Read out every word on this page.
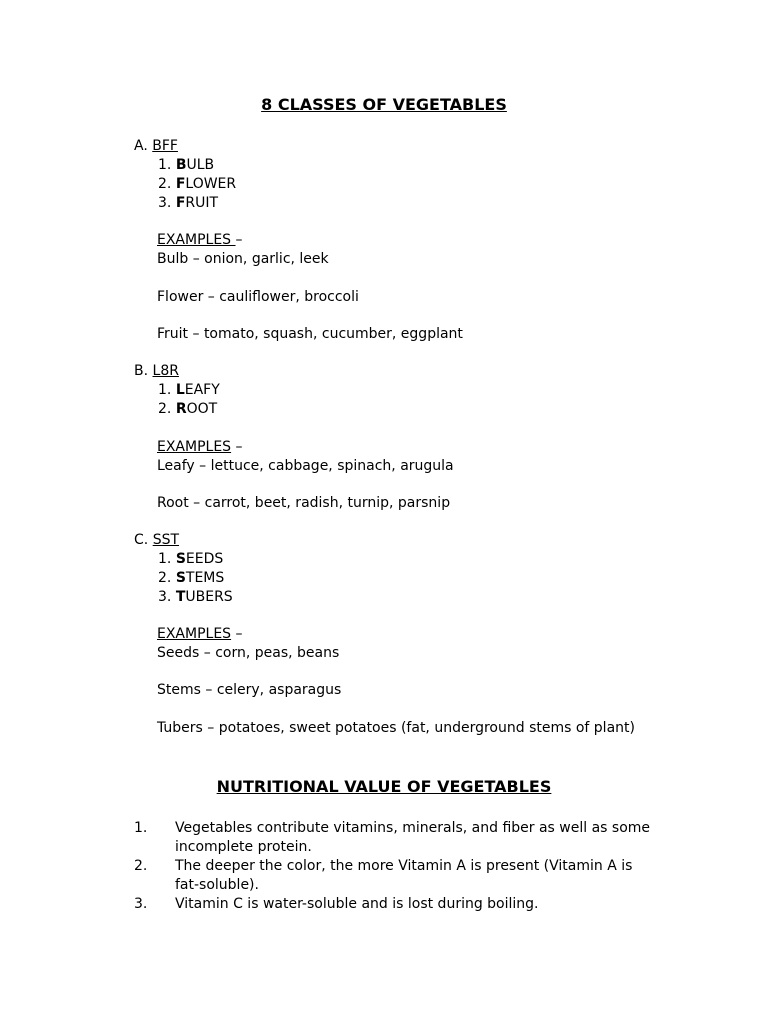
8 CLASSES OF VEGETABLES
A. BFF
1. BULB
2. FLOWER
3. FRUIT
EXAMPLES –
Bulb – onion, garlic, leek
Flower – cauliflower, broccoli
Fruit – tomato, squash, cucumber, eggplant
B. L8R
1. LEAFY
2. ROOT
EXAMPLES –
Leafy – lettuce, cabbage, spinach, arugula
Root – carrot, beet, radish, turnip, parsnip
C. SST
1. SEEDS
2. STEMS
3. TUBERS
EXAMPLES –
Seeds – corn, peas, beans
Stems – celery, asparagus
Tubers – potatoes, sweet potatoes (fat, underground stems of plant)
NUTRITIONAL VALUE OF VEGETABLES
1.	Vegetables contribute vitamins, minerals, and fiber as well as some incomplete protein.
2.	The deeper the color, the more Vitamin A is present (Vitamin A is fat-soluble).
3.	Vitamin C is water-soluble and is lost during boiling.
